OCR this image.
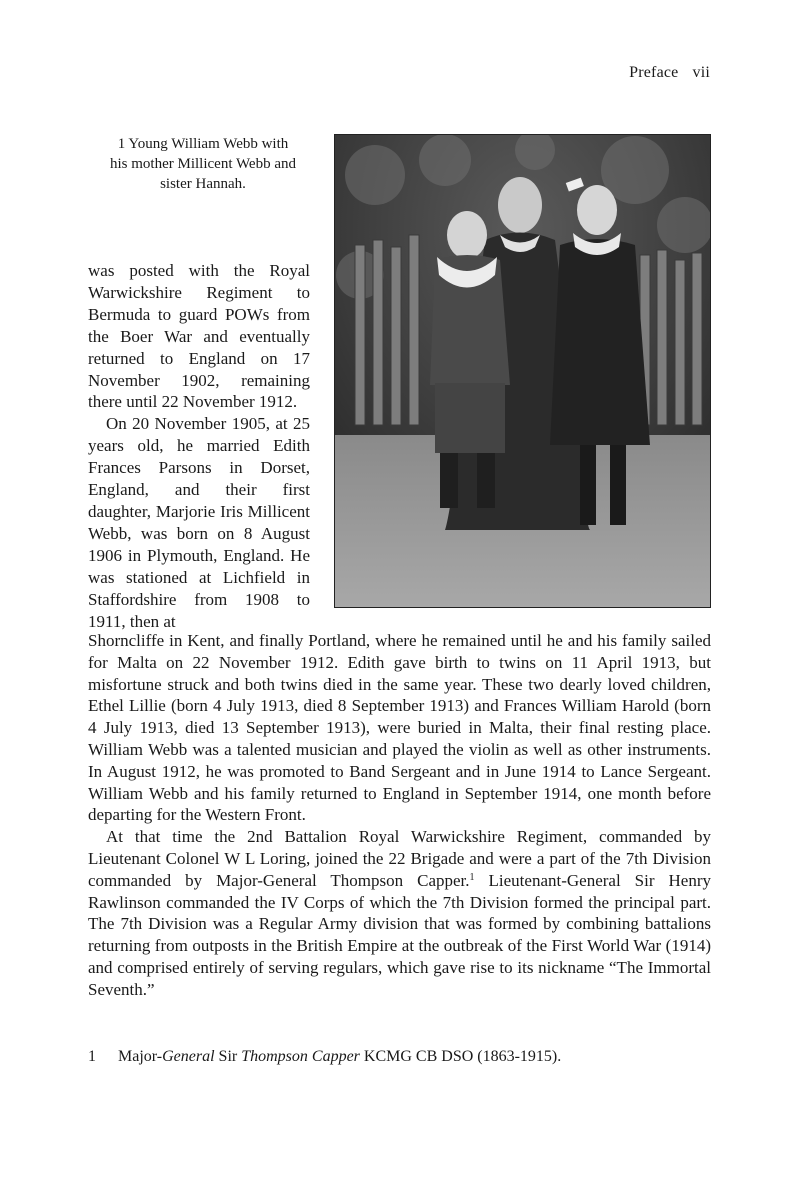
Preface vii
1 Young William Webb with his mother Millicent Webb and sister Hannah.

was posted with the Royal Warwickshire Regiment to Bermuda to guard POWs from the Boer War and eventually returned to England on 17 November 1902, remaining there until 22 November 1912.

On 20 November 1905, at 25 years old, he married Edith Frances Parsons in Dorset, England, and their first daughter, Marjorie Iris Millicent Webb, was born on 8 August 1906 in Plymouth, England. He was stationed at Lichfield in Staffordshire from 1908 to 1911, then at

Shorncliffe in Kent, and finally Portland, where he remained until he and his family sailed for Malta on 22 November 1912. Edith gave birth to twins on 11 April 1913, but misfortune struck and both twins died in the same year. These two dearly loved children, Ethel Lillie (born 4 July 1913, died 8 September 1913) and Frances William Harold (born 4 July 1913, died 13 September 1913), were buried in Malta, their final resting place. William Webb was a talented musician and played the violin as well as other instruments. In August 1912, he was promoted to Band Sergeant and in June 1914 to Lance Sergeant. William Webb and his family returned to England in September 1914, one month before departing for the Western Front.

At that time the 2nd Battalion Royal Warwickshire Regiment, commanded by Lieutenant Colonel W L Loring, joined the 22 Brigade and were a part of the 7th Division commanded by Major-General Thompson Capper.$^1$ Lieutenant-General Sir Henry Rawlinson commanded the IV Corps of which the 7th Division formed the principal part. The 7th Division was a Regular Army division that was formed by combining battalions returning from outposts in the British Empire at the outbreak of the First World War (1914) and comprised entirely of serving regulars, which gave rise to its nickname “The Immortal Seventh.”

1 Major-General Sir Thompson Capper KCMG CB DSO (1863-1915).
